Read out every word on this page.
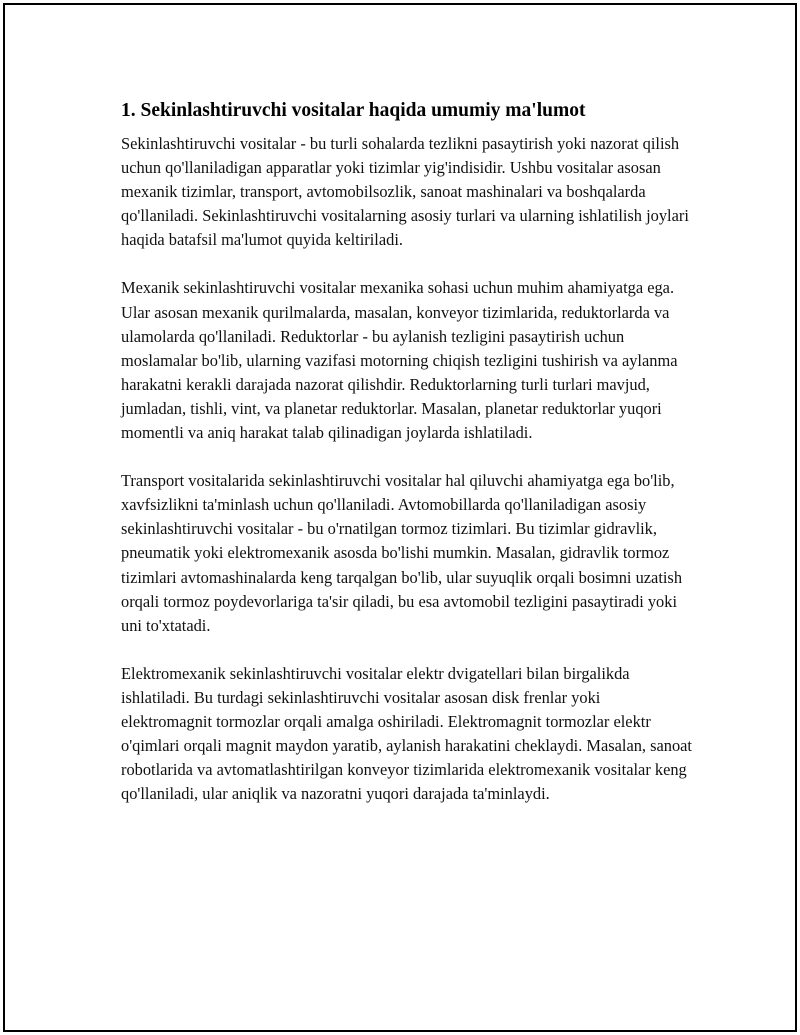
1. Sekinlashtiruvchi vositalar haqida umumiy ma'lumot

Sekinlashtiruvchi vositalar - bu turli sohalarda tezlikni pasaytirish yoki nazorat qilish uchun qo'llaniladigan apparatlar yoki tizimlar yig'indisidir. Ushbu vositalar asosan mexanik tizimlar, transport, avtomobilsozlik, sanoat mashinalari va boshqalarda qo'llaniladi. Sekinlashtiruvchi vositalarning asosiy turlari va ularning ishlatilish joylari haqida batafsil ma'lumot quyida keltiriladi.

Mexanik sekinlashtiruvchi vositalar mexanika sohasi uchun muhim ahamiyatga ega. Ular asosan mexanik qurilmalarda, masalan, konveyor tizimlarida, reduktorlarda va ulamolarda qo'llaniladi. Reduktorlar - bu aylanish tezligini pasaytirish uchun moslamalar bo'lib, ularning vazifasi motorning chiqish tezligini tushirish va aylanma harakatni kerakli darajada nazorat qilishdir. Reduktorlarning turli turlari mavjud, jumladan, tishli, vint, va planetar reduktorlar. Masalan, planetar reduktorlar yuqori momentli va aniq harakat talab qilinadigan joylarda ishlatiladi.

Transport vositalarida sekinlashtiruvchi vositalar hal qiluvchi ahamiyatga ega bo'lib, xavfsizlikni ta'minlash uchun qo'llaniladi. Avtomobillarda qo'llaniladigan asosiy sekinlashtiruvchi vositalar - bu o'rnatilgan tormoz tizimlari. Bu tizimlar gidravlik, pneumatik yoki elektromexanik asosda bo'lishi mumkin. Masalan, gidravlik tormoz tizimlari avtomashinalarda keng tarqalgan bo'lib, ular suyuqlik orqali bosimni uzatish orqali tormoz poydevorlariga ta'sir qiladi, bu esa avtomobil tezligini pasaytiradi yoki uni to'xtatadi.

Elektromexanik sekinlashtiruvchi vositalar elektr dvigatellari bilan birgalikda ishlatiladi. Bu turdagi sekinlashtiruvchi vositalar asosan disk frenlar yoki elektromagnit tormozlar orqali amalga oshiriladi. Elektromagnit tormozlar elektr o'qimlari orqali magnit maydon yaratib, aylanish harakatini cheklaydi. Masalan, sanoat robotlarida va avtomatlashtirilgan konveyor tizimlarida elektromexanik vositalar keng qo'llaniladi, ular aniqlik va nazoratni yuqori darajada ta'minlaydi.
